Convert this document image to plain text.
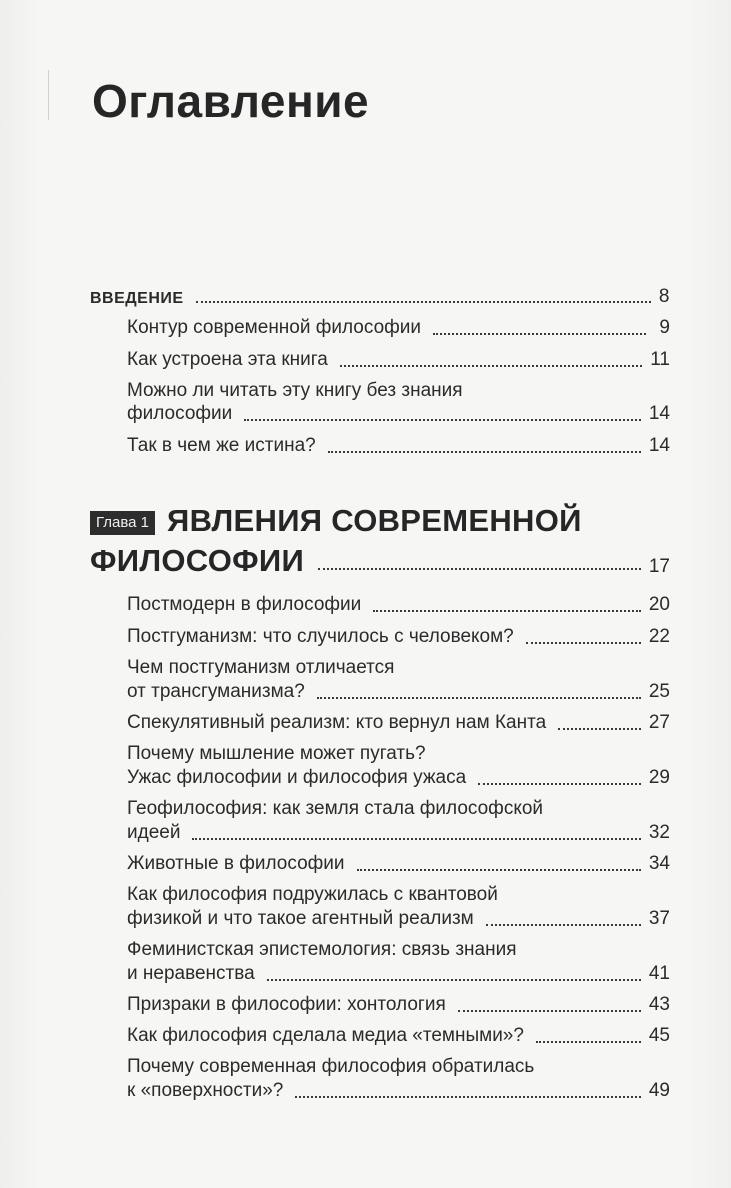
Оглавление
ВВЕДЕНИЕ	8
Контур современной философии	9
Как устроена эта книга	11
Можно ли читать эту книгу без знания
философии	14
Так в чем же истина?	14
Глава 1 ЯВЛЕНИЯ СОВРЕМЕННОЙ
ФИЛОСОФИИ	17
Постмодерн в философии	20
Постгуманизм: что случилось с человеком?	22
Чем постгуманизм отличается
от трансгуманизма?	25
Спекулятивный реализм: кто вернул нам Канта	27
Почему мышление может пугать?
Ужас философии и философия ужаса	29
Геофилософия: как земля стала философской
идеей	32
Животные в философии	34
Как философия подружилась с квантовой
физикой и что такое агентный реализм	37
Феминистская эпистемология: связь знания
и неравенства	41
Призраки в философии: хонтология	43
Как философия сделала медиа «темными»?	45
Почему современная философия обратилась
к «поверхности»?	49
